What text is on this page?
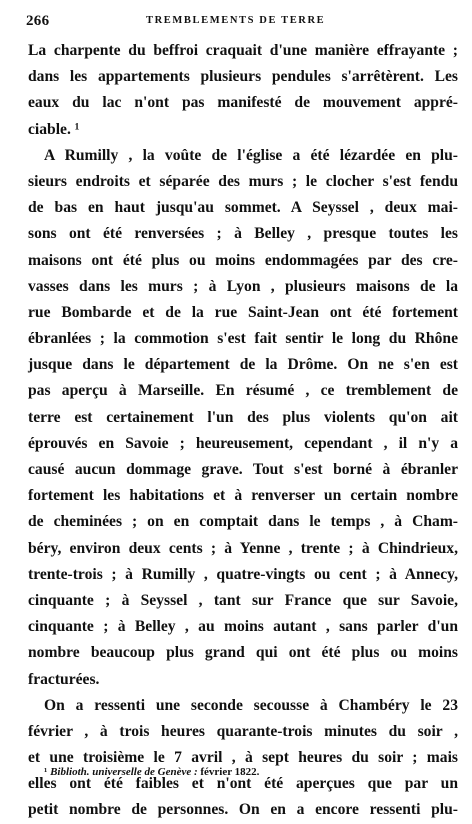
266	TREMBLEMENTS DE TERRE
La charpente du beffroi craquait d'une manière effrayante ;
dans les appartements plusieurs pendules s'arrêtèrent. Les
eaux du lac n'ont pas manifesté de mouvement appré-
ciable. ¹
A Rumilly , la voûte de l'église a été lézardée en plu-
sieurs endroits et séparée des murs ; le clocher s'est fendu
de bas en haut jusqu'au sommet. A Seyssel , deux mai-
sons ont été renversées ; à Belley , presque toutes les
maisons ont été plus ou moins endommagées par des cre-
vasses dans les murs ; à Lyon , plusieurs maisons de la
rue Bombarde et de la rue Saint-Jean ont été fortement
ébranlées ; la commotion s'est fait sentir le long du Rhône
jusque dans le département de la Drôme. On ne s'en est
pas aperçu à Marseille. En résumé , ce tremblement de
terre est certainement l'un des plus violents qu'on ait
éprouvés en Savoie ; heureusement, cependant , il n'y a
causé aucun dommage grave. Tout s'est borné à ébranler
fortement les habitations et à renverser un certain nombre
de cheminées ; on en comptait dans le temps , à Cham-
béry, environ deux cents ; à Yenne , trente ; à Chindrieux,
trente-trois ; à Rumilly , quatre-vingts ou cent ; à Annecy,
cinquante ; à Seyssel , tant sur France que sur Savoie,
cinquante ; à Belley , au moins autant , sans parler d'un
nombre beaucoup plus grand qui ont été plus ou moins
fracturées.
On a ressenti une seconde secousse à Chambéry le 23
février , à trois heures quarante-trois minutes du soir ,
et une troisième le 7 avril , à sept heures du soir ; mais
elles ont été faibles et n'ont été aperçues que par un
petit nombre de personnes. On en a encore ressenti plu-
¹ Biblioth. universelle de Genève : février 1822.
